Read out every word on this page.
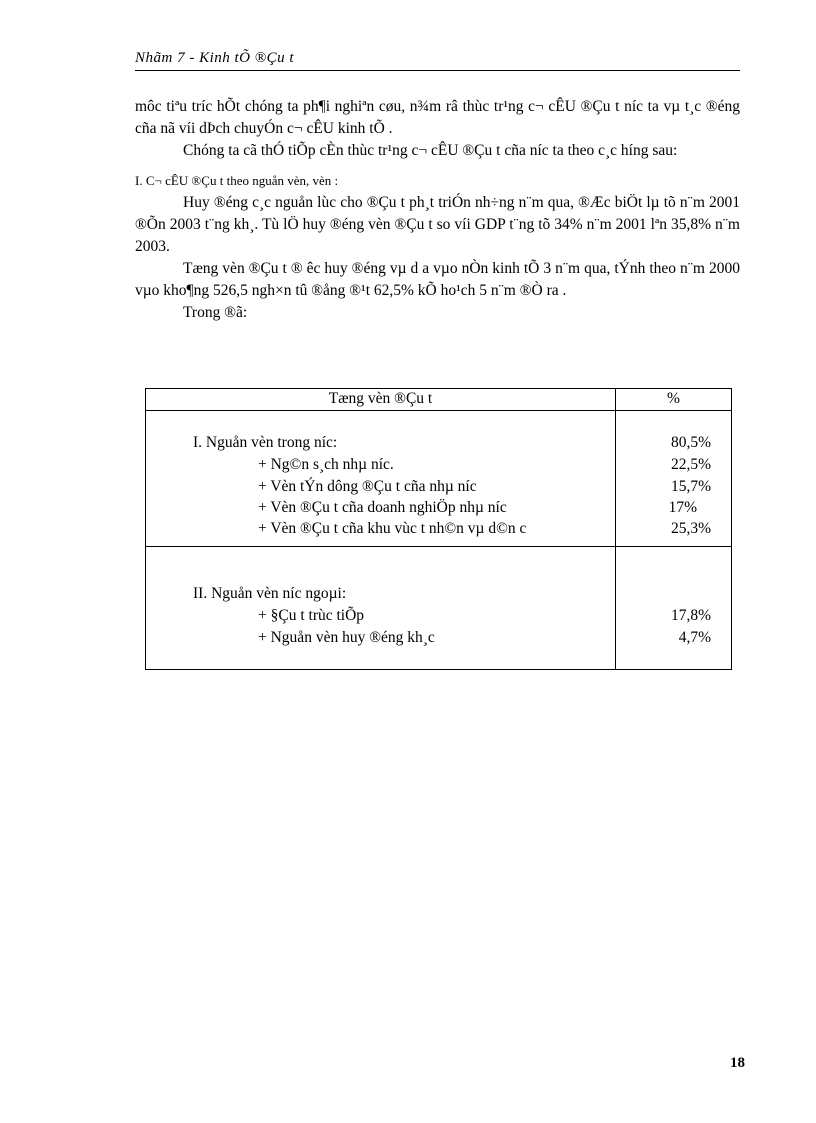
Nhãm 7 - Kinh tÕ ®Çu t

môc tiªu tríc hÕt chóng ta ph¶i nghiªn cøu, n¾m râ thùc tr¹ng c¬ cÊU ®Çu t níc ta vµ t¸c ®éng cña nã víi dÞch chuyÓn c¬ cÊU kinh tÕ .

Chóng ta cã thÓ tiÕp cÈn thùc tr¹ng c¬ cÊU ®Çu t cña níc ta theo c¸c híng sau:

I. C¬ cÊU ®Çu t theo nguån vèn, vèn :

Huy ®éng c¸c nguån lùc cho ®Çu t ph¸t triÓn nh÷ng n¨m qua, ®Æc biÖt lµ tõ n¨m 2001 ®Õn 2003 t¨ng kh¸. Tù lÖ huy ®éng vèn ®Çu t so víi GDP t¨ng tõ 34% n¨m 2001 lªn 35,8% n¨m 2003.

Tæng vèn ®Çu t ® êc huy ®éng vµ d a vµo nÒn kinh tÕ 3 n¨m qua, tÝnh theo n¨m 2000 vµo kho¶ng 526,5 ngh×n tû ®ång ®¹t 62,5% kÕ ho¹ch 5 n¨m ®Ò ra .

Trong ®ã:

Tæng vèn ®Çu t	%
I. Nguån vèn trong níc:	80,5%
+ Ng©n s¸ch nhµ níc.	22,5%
+ Vèn tÝn dông ®Çu t cña nhµ níc	15,7%
+ Vèn ®Çu t cña doanh nghiÖp nhµ níc	17%
+ Vèn ®Çu t cña khu vùc t nh©n vµ d©n c	25,3%
II. Nguån vèn níc ngoµi:
+ §Çu t trùc tiÕp	17,8%
+ Nguån vèn huy ®éng kh¸c	4,7%
18
